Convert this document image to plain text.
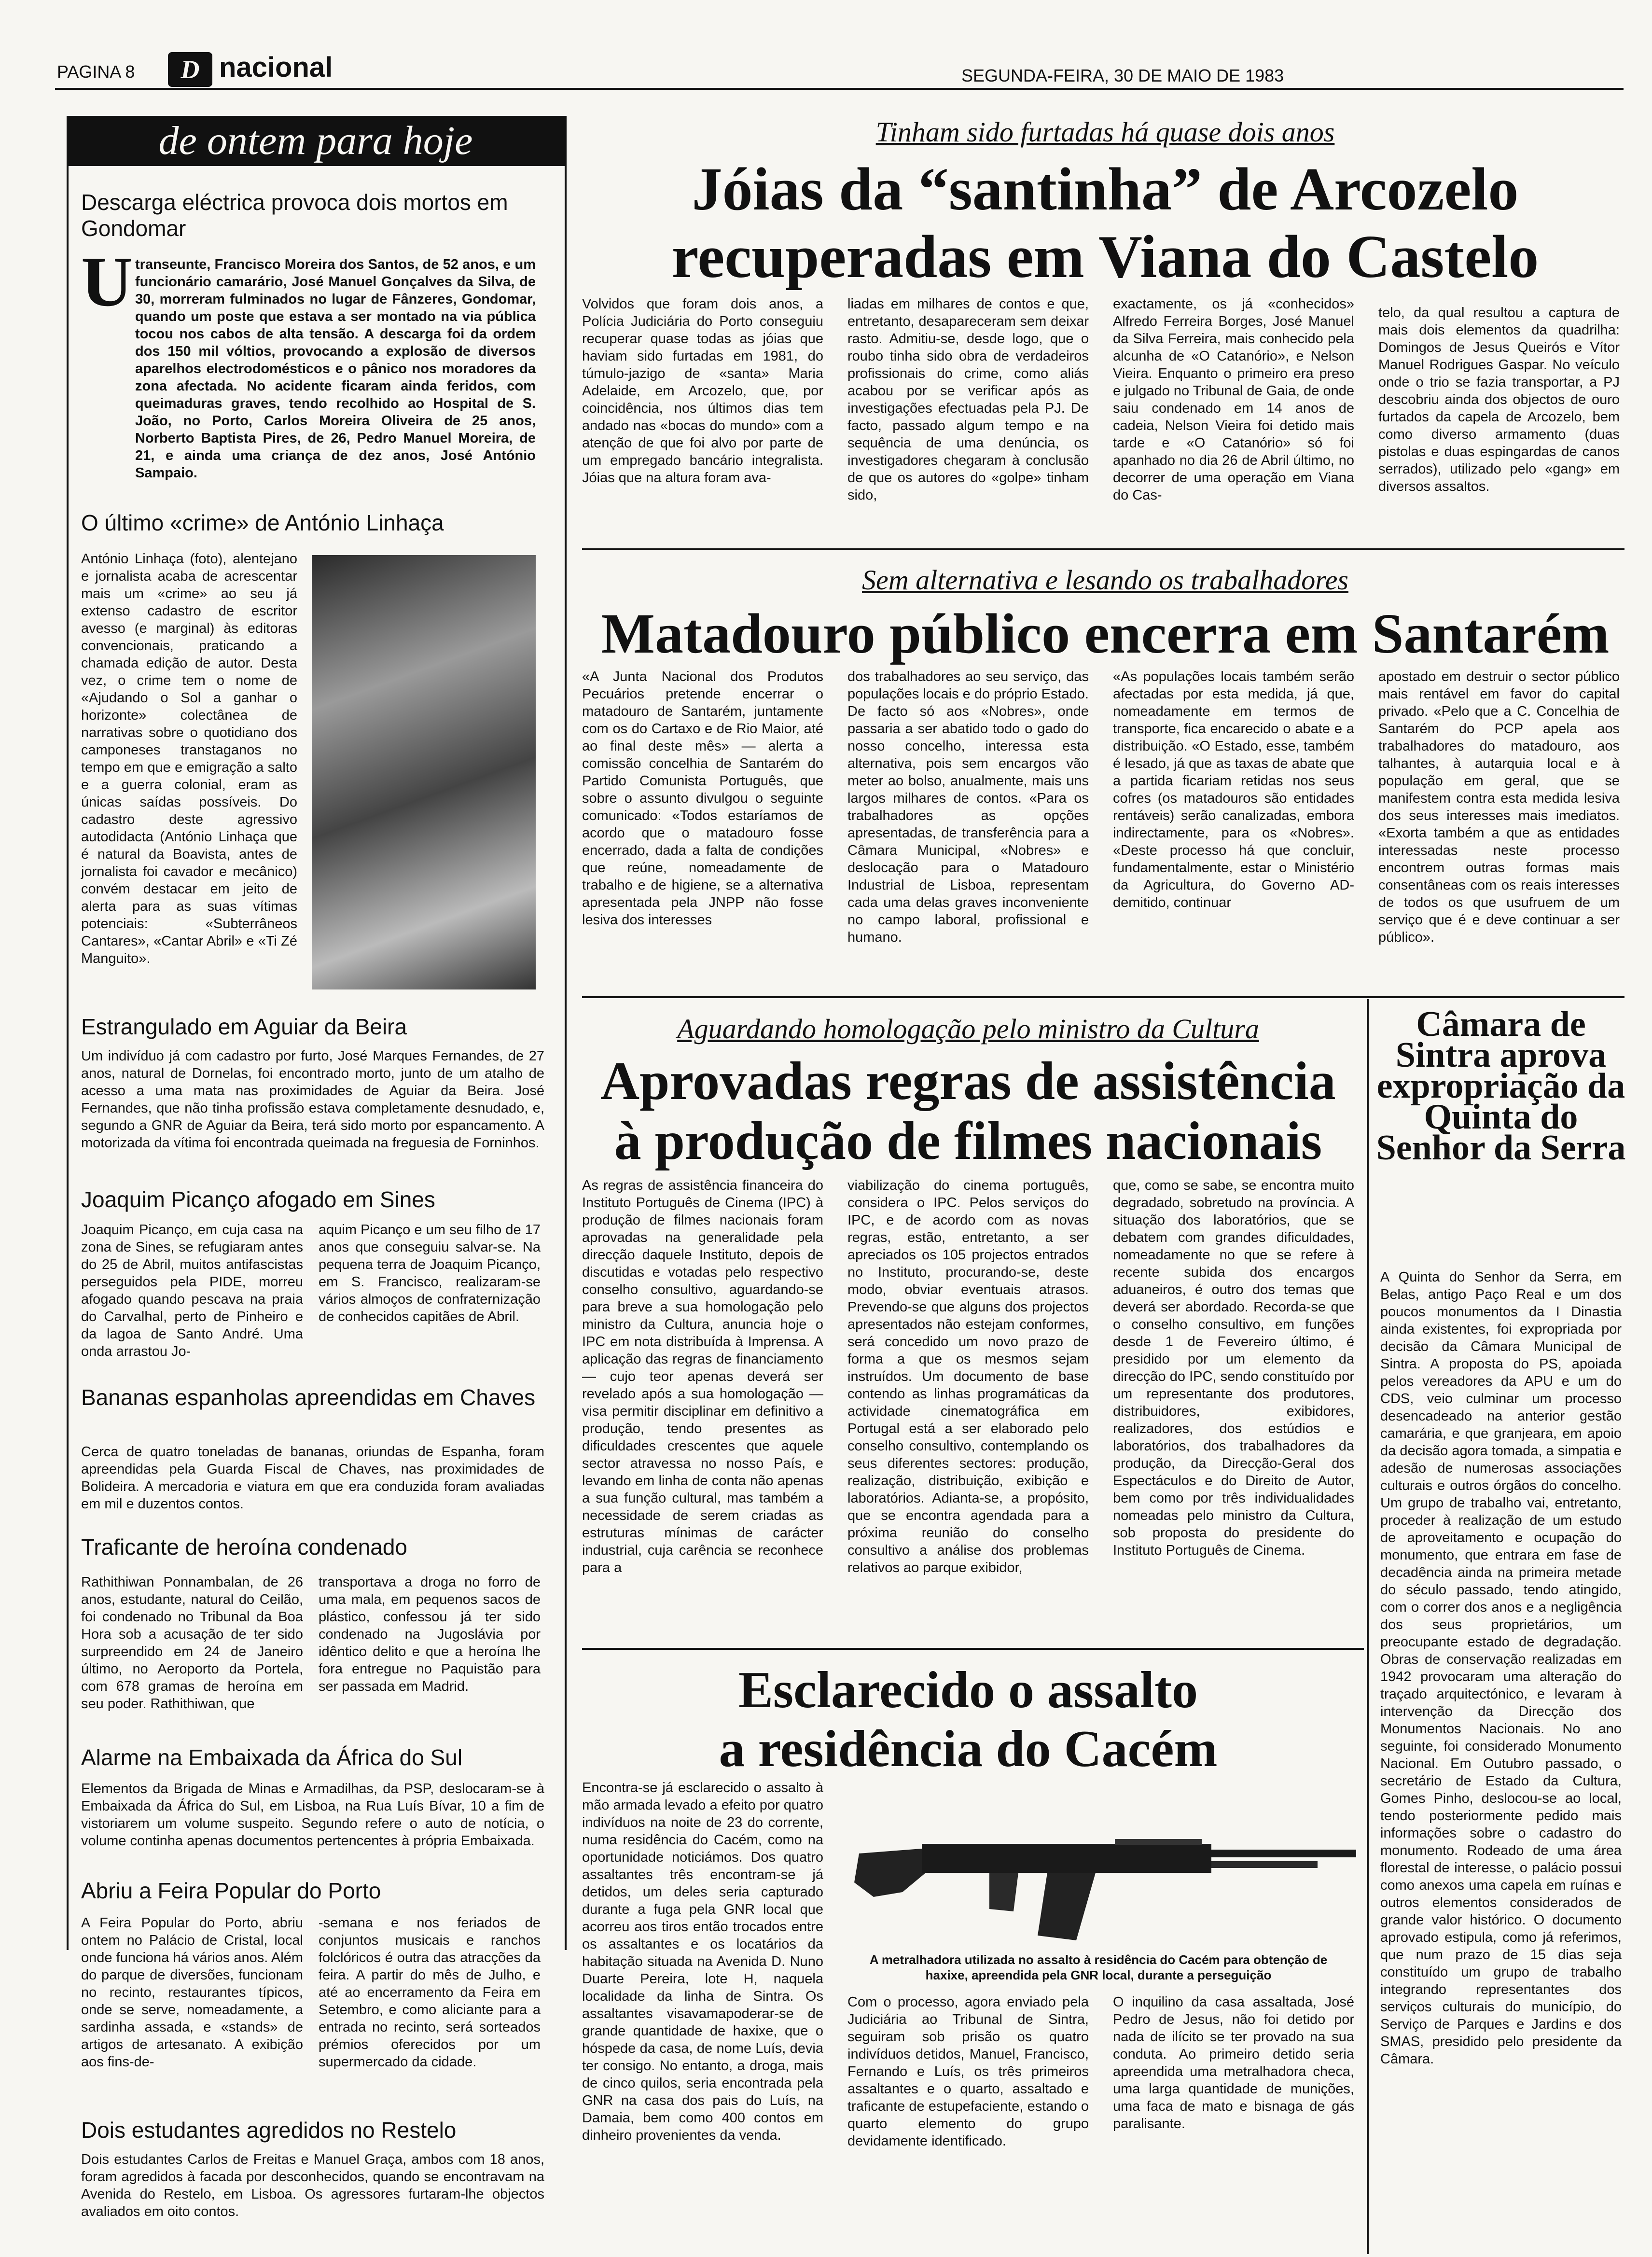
PAGINA 8	D nacional	SEGUNDA-FEIRA, 30 DE MAIO DE 1983
de ontem para hoje
Descarga eléctrica provoca dois mortos em Gondomar
U transeunte, Francisco Moreira dos Santos, de 52 anos, e um funcionário camarário, José Manuel Gonçalves da Silva, de 30, morreram fulminados no lugar de Fânzeres, Gondomar, quando um poste que estava a ser montado na via pública tocou nos cabos de alta tensão. A descarga foi da ordem dos 150 mil vóltios, provocando a explosão de diversos aparelhos electrodomésticos e o pânico nos moradores da zona afectada. No acidente ficaram ainda feridos, com queimaduras graves, tendo recolhido ao Hospital de S. João, no Porto, Carlos Moreira Oliveira de 25 anos, Norberto Baptista Pires, de 26, Pedro Manuel Moreira, de 21, e ainda uma criança de dez anos, José António Sampaio.
O último «crime» de António Linhaça
António Linhaça (foto), alentejano e jornalista acaba de acrescentar mais um «crime» ao seu já extenso cadastro de escritor avesso (e marginal) às editoras convencionais, praticando a chamada edição de autor. Desta vez, o crime tem o nome de «Ajudando o Sol a ganhar o horizonte» colectânea de narrativas sobre o quotidiano dos camponeses transtaganos no tempo em que e emigração a salto e a guerra colonial, eram as únicas saídas possíveis. Do cadastro deste agressivo autodidacta (António Linhaça que é natural da Boavista, antes de jornalista foi cavador e mecânico) convém destacar em jeito de alerta para as suas vítimas potenciais: «Subterrâneos Cantares», «Cantar Abril» e «Ti Zé Manguito».
Estrangulado em Aguiar da Beira
Um indivíduo já com cadastro por furto, José Marques Fernandes, de 27 anos, natural de Dornelas, foi encontrado morto, junto de um atalho de acesso a uma mata nas proximidades de Aguiar da Beira. José Fernandes, que não tinha profissão estava completamente desnudado, e, segundo a GNR de Aguiar da Beira, terá sido morto por espancamento. A motorizada da vítima foi encontrada queimada na freguesia de Forninhos.
Joaquim Picanço afogado em Sines
Joaquim Picanço, em cuja casa na zona de Sines, se refugiaram antes do 25 de Abril, muitos antifascistas perseguidos pela PIDE, morreu afogado quando pescava na praia do Carvalhal, perto de Pinheiro e da lagoa de Santo André. Uma onda arrastou Jo-
aquim Picanço e um seu filho de 17 anos que conseguiu salvar-se. Na pequena terra de Joaquim Picanço, em S. Francisco, realizaram-se vários almoços de confraternização de conhecidos capitães de Abril.
Bananas espanholas apreendidas em Chaves
Cerca de quatro toneladas de bananas, oriundas de Espanha, foram apreendidas pela Guarda Fiscal de Chaves, nas proximidades de Bolideira. A mercadoria e viatura em que era conduzida foram avaliadas em mil e duzentos contos.
Traficante de heroína condenado
Rathithiwan Ponnambalan, de 26 anos, estudante, natural do Ceilão, foi condenado no Tribunal da Boa Hora sob a acusação de ter sido surpreendido em 24 de Janeiro último, no Aeroporto da Portela, com 678 gramas de heroína em seu poder. Rathithiwan, que
transportava a droga no forro de uma mala, em pequenos sacos de plástico, confessou já ter sido condenado na Jugoslávia por idêntico delito e que a heroína lhe fora entregue no Paquistão para ser passada em Madrid.
Alarme na Embaixada da África do Sul
Elementos da Brigada de Minas e Armadilhas, da PSP, deslocaram-se à Embaixada da África do Sul, em Lisboa, na Rua Luís Bívar, 10 a fim de vistoriarem um volume suspeito. Segundo refere o auto de notícia, o volume continha apenas documentos pertencentes à própria Embaixada.
Abriu a Feira Popular do Porto
A Feira Popular do Porto, abriu ontem no Palácio de Cristal, local onde funciona há vários anos. Além do parque de diversões, funcionam no recinto, restaurantes típicos, onde se serve, nomeadamente, a sardinha assada, e «stands» de artigos de artesanato. A exibição aos fins-de-
-semana e nos feriados de conjuntos musicais e ranchos folclóricos é outra das atracções da feira. A partir do mês de Julho, e até ao encerramento da Feira em Setembro, e como aliciante para a entrada no recinto, será sorteados prémios oferecidos por um supermercado da cidade.
Dois estudantes agredidos no Restelo
Dois estudantes Carlos de Freitas e Manuel Graça, ambos com 18 anos, foram agredidos à facada por desconhecidos, quando se encontravam na Avenida do Restelo, em Lisboa. Os agressores furtaram-lhe objectos avaliados em oito contos.
Tinham sido furtadas há quase dois anos
Jóias da “santinha” de Arcozelo
recuperadas em Viana do Castelo
Volvidos que foram dois anos, a Polícia Judiciária do Porto conseguiu recuperar quase todas as jóias que haviam sido furtadas em 1981, do túmulo-jazigo de «santa» Maria Adelaide, em Arcozelo, que, por coincidência, nos últimos dias tem andado nas «bocas do mundo» com a atenção de que foi alvo por parte de um empregado bancário integralista. Jóias que na altura foram ava-
liadas em milhares de contos e que, entretanto, desapareceram sem deixar rasto. Admitiu-se, desde logo, que o roubo tinha sido obra de verdadeiros profissionais do crime, como aliás acabou por se verificar após as investigações efectuadas pela PJ. De facto, passado algum tempo e na sequência de uma denúncia, os investigadores chegaram à conclusão de que os autores do «golpe» tinham sido,
exactamente, os já «conhecidos» Alfredo Ferreira Borges, José Manuel da Silva Ferreira, mais conhecido pela alcunha de «O Catanório», e Nelson Vieira. Enquanto o primeiro era preso e julgado no Tribunal de Gaia, de onde saiu condenado em 14 anos de cadeia, Nelson Vieira foi detido mais tarde e «O Catanório» só foi apanhado no dia 26 de Abril último, no decorrer de uma operação em Viana do Cas-
telo, da qual resultou a captura de mais dois elementos da quadrilha: Domingos de Jesus Queirós e Vítor Manuel Rodrigues Gaspar. No veículo onde o trio se fazia transportar, a PJ descobriu ainda dos objectos de ouro furtados da capela de Arcozelo, bem como diverso armamento (duas pistolas e duas espingardas de canos serrados), utilizado pelo «gang» em diversos assaltos.
Sem alternativa e lesando os trabalhadores
Matadouro público encerra em Santarém
«A Junta Nacional dos Produtos Pecuários pretende encerrar o matadouro de Santarém, juntamente com os do Cartaxo e de Rio Maior, até ao final deste mês» — alerta a comissão concelhia de Santarém do Partido Comunista Português, que sobre o assunto divulgou o seguinte comunicado: «Todos estaríamos de acordo que o matadouro fosse encerrado, dada a falta de condições que reúne, nomeadamente de trabalho e de higiene, se a alternativa apresentada pela JNPP não fosse lesiva dos interesses
dos trabalhadores ao seu serviço, das populações locais e do próprio Estado. De facto só aos «Nobres», onde passaria a ser abatido todo o gado do nosso concelho, interessa esta alternativa, pois sem encargos vão meter ao bolso, anualmente, mais uns largos milhares de contos. «Para os trabalhadores as opções apresentadas, de transferência para a Câmara Municipal, «Nobres» e deslocação para o Matadouro Industrial de Lisboa, representam cada uma delas graves inconveniente no campo laboral, profissional e humano.
«As populações locais também serão afectadas por esta medida, já que, nomeadamente em termos de transporte, fica encarecido o abate e a distribuição. «O Estado, esse, também é lesado, já que as taxas de abate que a partida ficariam retidas nos seus cofres (os matadouros são entidades rentáveis) serão canalizadas, embora indirectamente, para os «Nobres». «Deste processo há que concluir, fundamentalmente, estar o Ministério da Agricultura, do Governo AD-demitido, continuar
apostado em destruir o sector público mais rentável em favor do capital privado. «Pelo que a C. Concelhia de Santarém do PCP apela aos trabalhadores do matadouro, aos talhantes, à autarquia local e à população em geral, que se manifestem contra esta medida lesiva dos seus interesses mais imediatos. «Exorta também a que as entidades interessadas neste processo encontrem outras formas mais consentâneas com os reais interesses de todos os que usufruem de um serviço que é e deve continuar a ser público».
Aguardando homologação pelo ministro da Cultura
Aprovadas regras de assistência
à produção de filmes nacionais
As regras de assistência financeira do Instituto Português de Cinema (IPC) à produção de filmes nacionais foram aprovadas na generalidade pela direcção daquele Instituto, depois de discutidas e votadas pelo respectivo conselho consultivo, aguardando-se para breve a sua homologação pelo ministro da Cultura, anuncia hoje o IPC em nota distribuída à Imprensa. A aplicação das regras de financiamento — cujo teor apenas deverá ser revelado após a sua homologação — visa permitir disciplinar em definitivo a produção, tendo presentes as dificuldades crescentes que aquele sector atravessa no nosso País, e levando em linha de conta não apenas a sua função cultural, mas também a necessidade de serem criadas as estruturas mínimas de carácter industrial, cuja carência se reconhece para a
viabilização do cinema português, considera o IPC. Pelos serviços do IPC, e de acordo com as novas regras, estão, entretanto, a ser apreciados os 105 projectos entrados no Instituto, procurando-se, deste modo, obviar eventuais atrasos. Prevendo-se que alguns dos projectos apresentados não estejam conformes, será concedido um novo prazo de forma a que os mesmos sejam instruídos. Um documento de base contendo as linhas programáticas da actividade cinematográfica em Portugal está a ser elaborado pelo conselho consultivo, contemplando os seus diferentes sectores: produção, realização, distribuição, exibição e laboratórios. Adianta-se, a propósito, que se encontra agendada para a próxima reunião do conselho consultivo a análise dos problemas relativos ao parque exibidor,
que, como se sabe, se encontra muito degradado, sobretudo na província. A situação dos laboratórios, que se debatem com grandes dificuldades, nomeadamente no que se refere à recente subida dos encargos aduaneiros, é outro dos temas que deverá ser abordado. Recorda-se que o conselho consultivo, em funções desde 1 de Fevereiro último, é presidido por um elemento da direcção do IPC, sendo constituído por um representante dos produtores, distribuidores, exibidores, realizadores, dos estúdios e laboratórios, dos trabalhadores da produção, da Direcção-Geral dos Espectáculos e do Direito de Autor, bem como por três individualidades nomeadas pelo ministro da Cultura, sob proposta do presidente do Instituto Português de Cinema.
Esclarecido o assalto
a residência do Cacém
Encontra-se já esclarecido o assalto à mão armada levado a efeito por quatro indivíduos na noite de 23 do corrente, numa residência do Cacém, como na oportunidade noticiámos. Dos quatro assaltantes três encontram-se já detidos, um deles seria capturado durante a fuga pela GNR local que acorreu aos tiros então trocados entre os assaltantes e os locatários da habitação situada na Avenida D. Nuno Duarte Pereira, lote H, naquela localidade da linha de Sintra. Os assaltantes visavamapoderar-se de grande quantidade de haxixe, que o hóspede da casa, de nome Luís, devia ter consigo. No entanto, a droga, mais de cinco quilos, seria encontrada pela GNR na casa dos pais do Luís, na Damaia, bem como 400 contos em dinheiro provenientes da venda.
A metralhadora utilizada no assalto à residência do Cacém para obtenção de haxixe, apreendida pela GNR local, durante a perseguição
Com o processo, agora enviado pela Judiciária ao Tribunal de Sintra, seguiram sob prisão os quatro indivíduos detidos, Manuel, Francisco, Fernando e Luís, os três primeiros assaltantes e o quarto, assaltado e traficante de estupefaciente, estando o quarto elemento do grupo devidamente identificado.
O inquilino da casa assaltada, José Pedro de Jesus, não foi detido por nada de ilícito se ter provado na sua conduta. Ao primeiro detido seria apreendida uma metralhadora checa, uma larga quantidade de munições, uma faca de mato e bisnaga de gás paralisante.
Câmara de Sintra aprova expropriação da Quinta do Senhor da Serra
A Quinta do Senhor da Serra, em Belas, antigo Paço Real e um dos poucos monumentos da I Dinastia ainda existentes, foi expropriada por decisão da Câmara Municipal de Sintra. A proposta do PS, apoiada pelos vereadores da APU e um do CDS, veio culminar um processo desencadeado na anterior gestão camarária, e que granjeara, em apoio da decisão agora tomada, a simpatia e adesão de numerosas associações culturais e outros órgãos do concelho. Um grupo de trabalho vai, entretanto, proceder à realização de um estudo de aproveitamento e ocupação do monumento, que entrara em fase de decadência ainda na primeira metade do século passado, tendo atingido, com o correr dos anos e a negligência dos seus proprietários, um preocupante estado de degradação. Obras de conservação realizadas em 1942 provocaram uma alteração do traçado arquitectónico, e levaram à intervenção da Direcção dos Monumentos Nacionais. No ano seguinte, foi considerado Monumento Nacional. Em Outubro passado, o secretário de Estado da Cultura, Gomes Pinho, deslocou-se ao local, tendo posteriormente pedido mais informações sobre o cadastro do monumento. Rodeado de uma área florestal de interesse, o palácio possui como anexos uma capela em ruínas e outros elementos considerados de grande valor histórico. O documento aprovado estipula, como já referimos, que num prazo de 15 dias seja constituído um grupo de trabalho integrando representantes dos serviços culturais do município, do Serviço de Parques e Jardins e dos SMAS, presidido pelo presidente da Câmara.
